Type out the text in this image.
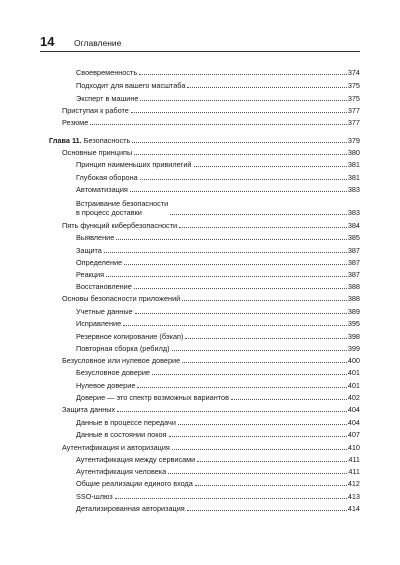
14 Оглавление
Своевременность	374
Подходит для вашего масштаба	375
Эксперт в машине	375
Приступая к работе	377
Резюме	377
Глава 11. Безопасность	379
Основные принципы	380
Принцип наименьших привилегий	381
Глубокая оборона	381
Автоматизация	383
Встраивание безопасности
в процесс доставки	383
Пять функций кибербезопасности	384
Выявление	385
Защита	387
Определение	387
Реакция	387
Восстановление	388
Основы безопасности приложений	388
Учетные данные	389
Исправление	395
Резервное копирование (бэкап)	398
Повторная сборка (ребилд)	399
Безусловное или нулевое доверие	400
Безусловное доверие	401
Нулевое доверие	401
Доверие — это спектр возможных вариантов	402
Защита данных	404
Данные в процессе передачи	404
Данные в состоянии покоя	407
Аутентификация и авторизация	410
Аутентификация между сервисами	411
Аутентификация человека	411
Общие реализации единого входа	412
SSO-шлюз	413
Детализированная авторизация	414
